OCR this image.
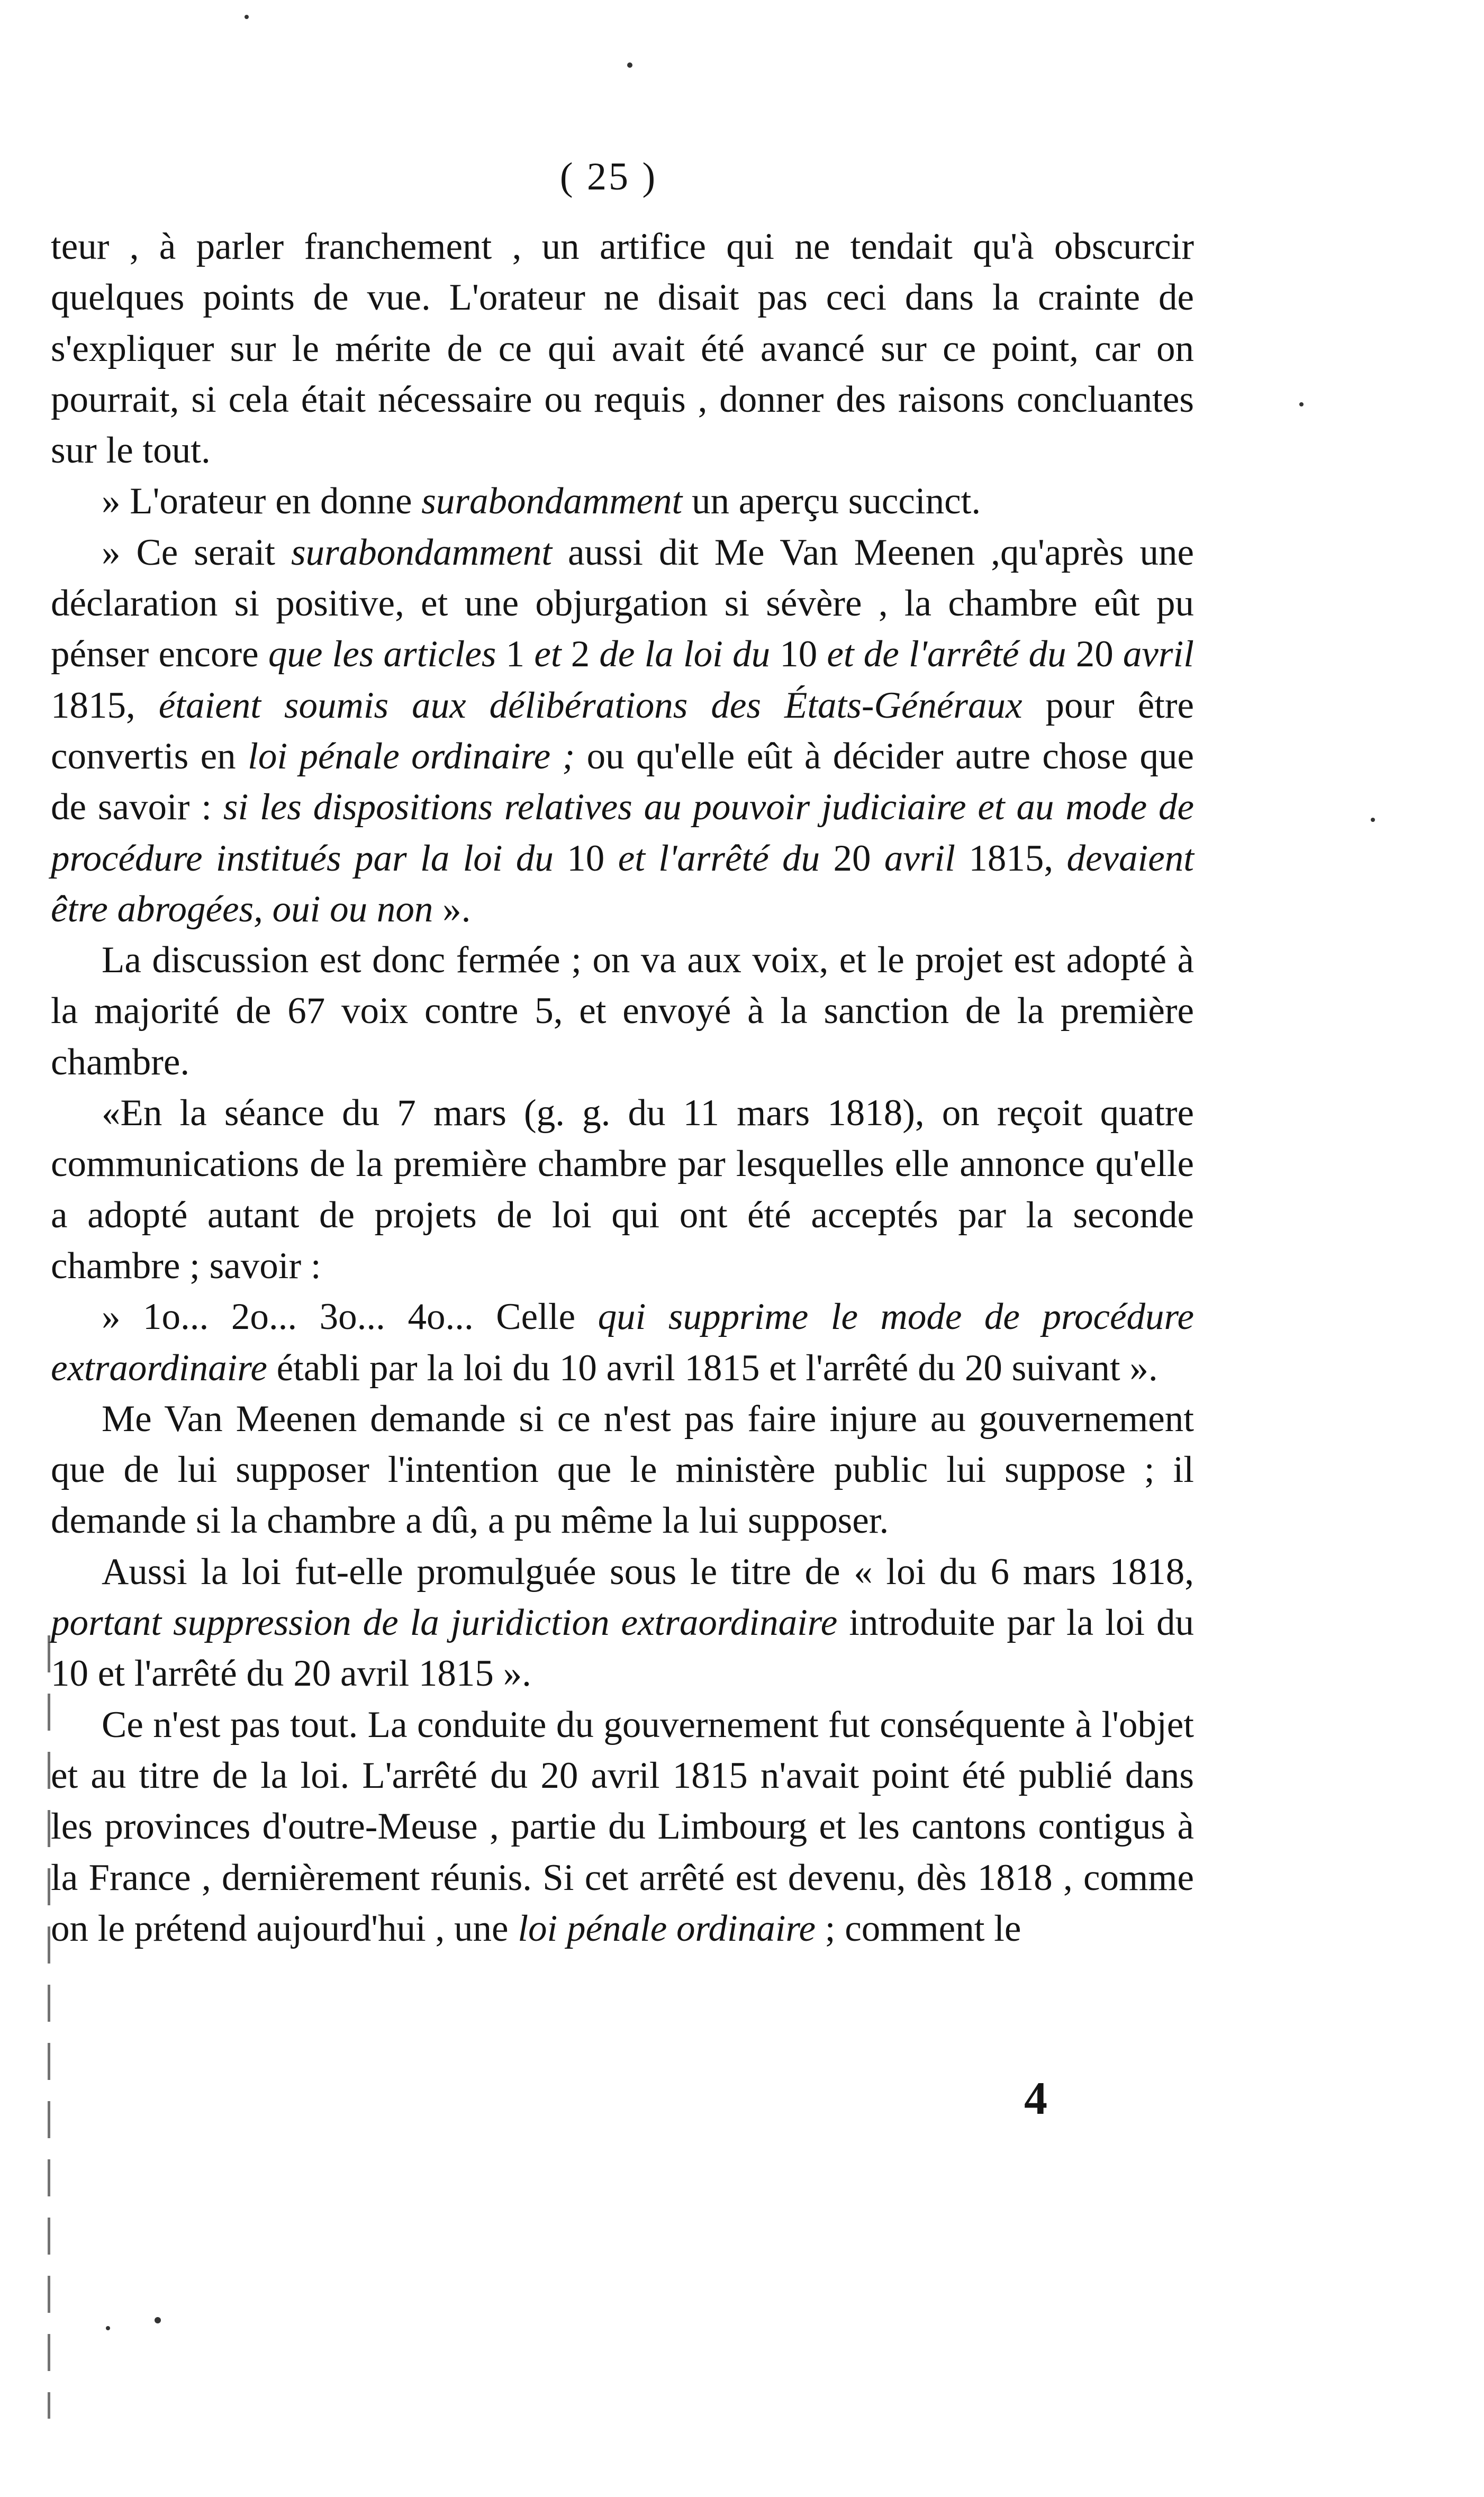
( 25 )

teur , à parler franchement , un artifice qui ne tendait qu'à obscurcir quelques points de vue. L'orateur ne disait pas ceci dans la crainte de s'expliquer sur le mérite de ce qui avait été avancé sur ce point, car on pourrait, si cela était nécessaire ou requis , donner des raisons concluantes sur le tout.

» L'orateur en donne surabondamment un aperçu succinct.

» Ce serait surabondamment aussi dit Me Van Meenen ,qu'après une déclaration si positive, et une objurgation si sévère , la chambre eût pu pénser encore que les articles 1 et 2 de la loi du 10 et de l'arrêté du 20 avril 1815, étaient soumis aux délibérations des États-Généraux pour être convertis en loi pénale ordinaire ; ou qu'elle eût à décider autre chose que de savoir : si les dispositions relatives au pouvoir judiciaire et au mode de procédure institués par la loi du 10 et l'arrêté du 20 avril 1815, devaient être abrogées, oui ou non ».

La discussion est donc fermée ; on va aux voix, et le projet est adopté à la majorité de 67 voix contre 5, et envoyé à la sanction de la première chambre.

«En la séance du 7 mars (g. g. du 11 mars 1818), on reçoit quatre communications de la première chambre par lesquelles elle annonce qu'elle a adopté autant de projets de loi qui ont été acceptés par la seconde chambre ; savoir :

» 1o... 2o... 3o... 4o... Celle qui supprime le mode de procédure extraordinaire établi par la loi du 10 avril 1815 et l'arrêté du 20 suivant ».

Me Van Meenen demande si ce n'est pas faire injure au gouvernement que de lui supposer l'intention que le ministère public lui suppose ; il demande si la chambre a dû, a pu même la lui supposer.

Aussi la loi fut-elle promulguée sous le titre de « loi du 6 mars 1818, portant suppression de la juridiction extraordinaire introduite par la loi du 10 et l'arrêté du 20 avril 1815 ».

Ce n'est pas tout. La conduite du gouvernement fut conséquente à l'objet et au titre de la loi. L'arrêté du 20 avril 1815 n'avait point été publié dans les provinces d'outre-Meuse , partie du Limbourg et les cantons contigus à la France , dernièrement réunis. Si cet arrêté est devenu, dès 1818 , comme on le prétend aujourd'hui , une loi pénale ordinaire ; comment le

4
